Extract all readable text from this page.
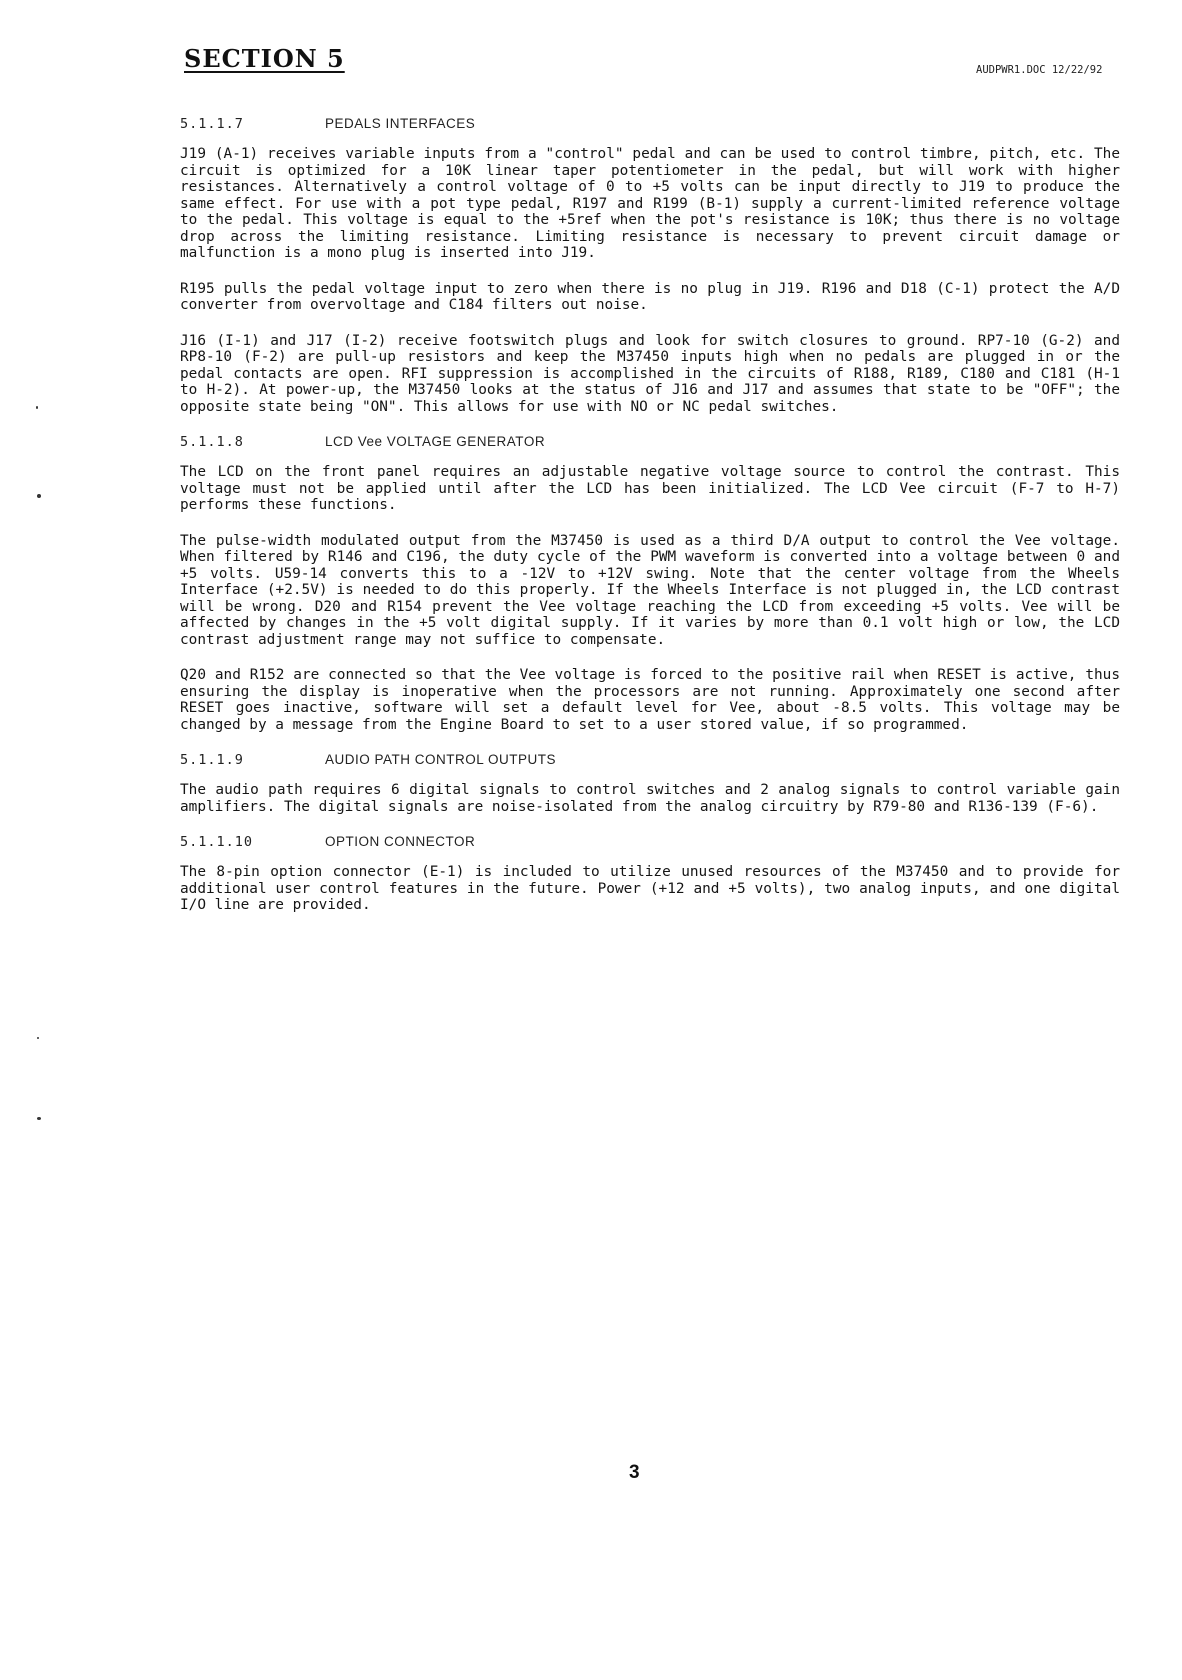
SECTION 5	AUDPWR1.DOC 12/22/92
5.1.1.7	PEDALS INTERFACES

J19 (A-1) receives variable inputs from a "control" pedal and can be used to control timbre, pitch, etc. The circuit is optimized for a 10K linear taper potentiometer in the pedal, but will work with higher resistances. Alternatively a control voltage of 0 to +5 volts can be input directly to J19 to produce the same effect. For use with a pot type pedal, R197 and R199 (B-1) supply a current-limited reference voltage to the pedal. This voltage is equal to the +5ref when the pot's resistance is 10K; thus there is no voltage drop across the limiting resistance. Limiting resistance is necessary to prevent circuit damage or malfunction is a mono plug is inserted into J19.

R195 pulls the pedal voltage input to zero when there is no plug in J19. R196 and D18 (C-1) protect the A/D converter from overvoltage and C184 filters out noise.

J16 (I-1) and J17 (I-2) receive footswitch plugs and look for switch closures to ground. RP7-10 (G-2) and RP8-10 (F-2) are pull-up resistors and keep the M37450 inputs high when no pedals are plugged in or the pedal contacts are open. RFI suppression is accomplished in the circuits of R188, R189, C180 and C181 (H-1 to H-2). At power-up, the M37450 looks at the status of J16 and J17 and assumes that state to be "OFF"; the opposite state being "ON". This allows for use with NO or NC pedal switches.

5.1.1.8	LCD Vee VOLTAGE GENERATOR

The LCD on the front panel requires an adjustable negative voltage source to control the contrast. This voltage must not be applied until after the LCD has been initialized. The LCD Vee circuit (F-7 to H-7) performs these functions.

The pulse-width modulated output from the M37450 is used as a third D/A output to control the Vee voltage. When filtered by R146 and C196, the duty cycle of the PWM waveform is converted into a voltage between 0 and +5 volts. U59-14 converts this to a -12V to +12V swing. Note that the center voltage from the Wheels Interface (+2.5V) is needed to do this properly. If the Wheels Interface is not plugged in, the LCD contrast will be wrong. D20 and R154 prevent the Vee voltage reaching the LCD from exceeding +5 volts. Vee will be affected by changes in the +5 volt digital supply. If it varies by more than 0.1 volt high or low, the LCD contrast adjustment range may not suffice to compensate.

Q20 and R152 are connected so that the Vee voltage is forced to the positive rail when RESET is active, thus ensuring the display is inoperative when the processors are not running. Approximately one second after RESET goes inactive, software will set a default level for Vee, about -8.5 volts. This voltage may be changed by a message from the Engine Board to set to a user stored value, if so programmed.

5.1.1.9	AUDIO PATH CONTROL OUTPUTS

The audio path requires 6 digital signals to control switches and 2 analog signals to control variable gain amplifiers. The digital signals are noise-isolated from the analog circuitry by R79-80 and R136-139 (F-6).

5.1.1.10	OPTION CONNECTOR

The 8-pin option connector (E-1) is included to utilize unused resources of the M37450 and to provide for additional user control features in the future. Power (+12 and +5 volts), two analog inputs, and one digital I/O line are provided.

3
